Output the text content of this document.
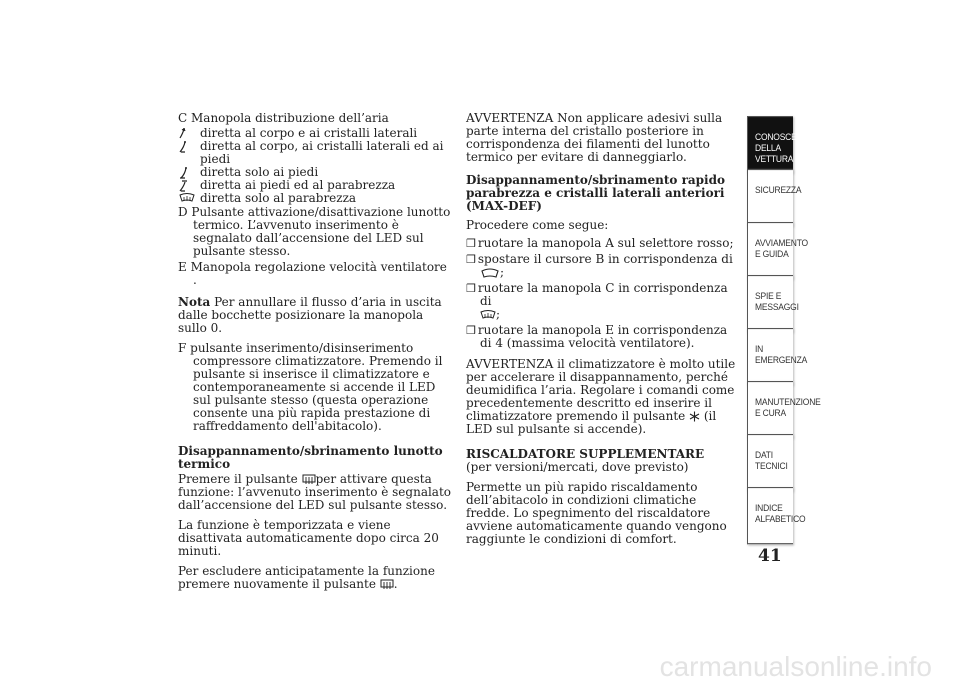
C Manopola distribuzione dell’aria

diretta al corpo e ai cristalli laterali
diretta al corpo, ai cristalli laterali ed ai piedi
diretta solo ai piedi
diretta ai piedi ed al parabrezza
diretta solo al parabrezza

D Pulsante attivazione/disattivazione lunotto termico. L’avvenuto inserimento è segnalato dall’accensione del LED sul pulsante stesso.

E Manopola regolazione velocità ventilatore .

Nota Per annullare il flusso d’aria in uscita dalle bocchette posizionare la manopola sullo 0.

F pulsante inserimento/disinserimento compressore climatizzatore. Premendo il pulsante si inserisce il climatizzatore e contemporaneamente si accende il LED sul pulsante stesso (questa operazione consente una più rapida prestazione di raffreddamento dell'abitacolo).

Disappannamento/sbrinamento lunotto termico

Premere il pulsante per attivare questa funzione: l’avvenuto inserimento è segnalato dall’accensione del LED sul pulsante stesso.

La funzione è temporizzata e viene disattivata automaticamente dopo circa 20 minuti.

Per escludere anticipatamente la funzione premere nuovamente il pulsante .

AVVERTENZA Non applicare adesivi sulla parte interna del cristallo posteriore in corrispondenza dei filamenti del lunotto termico per evitare di danneggiarlo.

Disappannamento/sbrinamento rapido parabrezza e cristalli laterali anteriori (MAX-DEF)

Procedere come segue:

❒ ruotare la manopola A sul selettore rosso;

❒ spostare il cursore B in corrispondenza di ;

❒ ruotare la manopola C in corrispondenza di
;

❒ ruotare la manopola E in corrispondenza di 4 (massima velocità ventilatore).

AVVERTENZA il climatizzatore è molto utile per accelerare il disappannamento, perché deumidifica l’aria. Regolare i comandi come precedentemente descritto ed inserire il climatizzatore premendo il pulsante  (il LED sul pulsante si accende).

RISCALDATORE SUPPLEMENTARE

(per versioni/mercati, dove previsto)

Permette un più rapido riscaldamento dell’abitacolo in condizioni climatiche fredde. Lo spegnimento del riscaldatore avviene automaticamente quando vengono raggiunte le condizioni di comfort.

CONOSCENZA DELLA VETTURA
SICUREZZA
AVVIAMENTO E GUIDA
SPIE E MESSAGGI
IN EMERGENZA
MANUTENZIONE E CURA
DATI TECNICI
INDICE ALFABETICO
41
carmanualsonline.info
